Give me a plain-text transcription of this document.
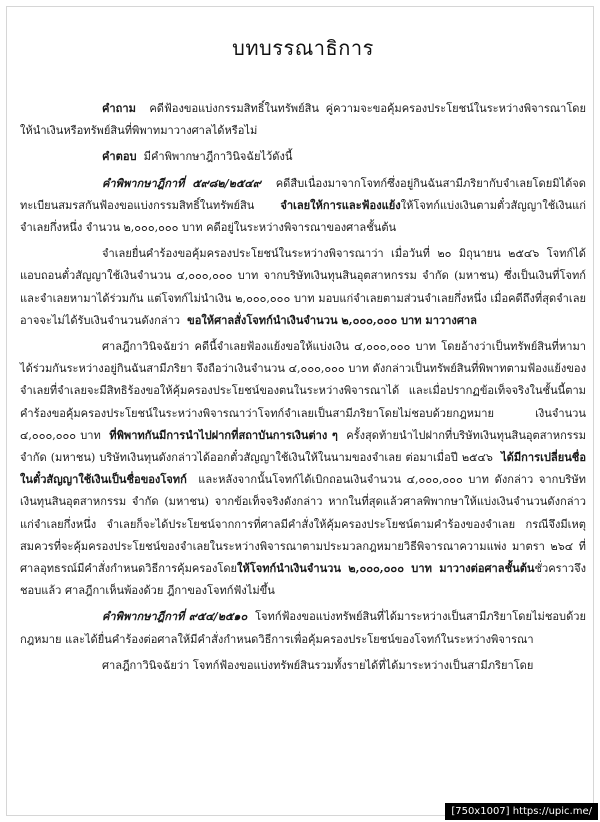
บทบรรณาธิการ

คำถาม คดีฟ้องขอแบ่งกรรมสิทธิ์ในทรัพย์สิน คู่ความจะขอคุ้มครองประโยชน์ในระหว่างพิจารณาโดยให้นำเงินหรือทรัพย์สินที่พิพาทมาวางศาลได้หรือไม่

คำตอบ มีคำพิพากษาฎีกาวินิจฉัยไว้ดังนี้

คำพิพากษาฎีกาที่ ๕๙๘๒/๒๕๔๙ คดีสืบเนื่องมาจากโจทก์ซึ่งอยู่กินฉันสามีภริยากับจำเลยโดยมิได้จดทะเบียนสมรสกันฟ้องขอแบ่งกรรมสิทธิ์ในทรัพย์สิน จำเลยให้การและฟ้องแย้งให้โจทก์แบ่งเงินตามตั๋วสัญญาใช้เงินแก่จำเลยกึ่งหนึ่ง จำนวน ๒,๐๐๐,๐๐๐ บาท คดีอยู่ในระหว่างพิจารณาของศาลชั้นต้น

จำเลยยื่นคำร้องขอคุ้มครองประโยชน์ในระหว่างพิจารณาว่า เมื่อวันที่ ๒๐ มิถุนายน ๒๕๔๖ โจทก์ได้แอบถอนตั๋วสัญญาใช้เงินจำนวน ๔,๐๐๐,๐๐๐ บาท จากบริษัทเงินทุนสินอุตสาหกรรม จำกัด (มหาชน) ซึ่งเป็นเงินที่โจทก์และจำเลยหามาได้ร่วมกัน แต่โจทก์ไม่นำเงิน ๒,๐๐๐,๐๐๐ บาท มอบแก่จำเลยตามส่วนจำเลยกึ่งหนึ่ง เมื่อคดีถึงที่สุดจำเลยอาจจะไม่ได้รับเงินจำนวนดังกล่าว ขอให้ศาลสั่งโจทก์นำเงินจำนวน ๒,๐๐๐,๐๐๐ บาท มาวางศาล

ศาลฎีกาวินิจฉัยว่า คดีนี้จำเลยฟ้องแย้งขอให้แบ่งเงิน ๔,๐๐๐,๐๐๐ บาท โดยอ้างว่าเป็นทรัพย์สินที่หามาได้ร่วมกันระหว่างอยู่กินฉันสามีภริยา จึงถือว่าเงินจำนวน ๔,๐๐๐,๐๐๐ บาท ดังกล่าวเป็นทรัพย์สินที่พิพาทตามฟ้องแย้งของจำเลยที่จำเลยจะมีสิทธิร้องขอให้คุ้มครองประโยชน์ของตนในระหว่างพิจารณาได้ และเมื่อปรากฏข้อเท็จจริงในชั้นนี้ตามคำร้องขอคุ้มครองประโยชน์ในระหว่างพิจารณาว่าโจทก์จำเลยเป็นสามีภริยาโดยไม่ชอบด้วยกฎหมาย เงินจำนวน ๔,๐๐๐,๐๐๐ บาท ที่พิพาทกันมีการนำไปฝากที่สถาบันการเงินต่าง ๆ ครั้งสุดท้ายนำไปฝากที่บริษัทเงินทุนสินอุตสาหกรรม จำกัด (มหาชน) บริษัทเงินทุนดังกล่าวได้ออกตั๋วสัญญาใช้เงินให้ในนามของจำเลย ต่อมาเมื่อปี ๒๕๔๖ ได้มีการเปลี่ยนชื่อในตั๋วสัญญาใช้เงินเป็นชื่อของโจทก์ และหลังจากนั้นโจทก์ได้เบิกถอนเงินจำนวน ๔,๐๐๐,๐๐๐ บาท ดังกล่าว จากบริษัทเงินทุนสินอุตสาหกรรม จำกัด (มหาชน) จากข้อเท็จจริงดังกล่าว หากในที่สุดแล้วศาลพิพากษาให้แบ่งเงินจำนวนดังกล่าวแก่จำเลยกึ่งหนึ่ง จำเลยก็จะได้ประโยชน์จากการที่ศาลมีคำสั่งให้คุ้มครองประโยชน์ตามคำร้องของจำเลย กรณีจึงมีเหตุสมควรที่จะคุ้มครองประโยชน์ของจำเลยในระหว่างพิจารณาตามประมวลกฎหมายวิธีพิจารณาความแพ่ง มาตรา ๒๖๔ ที่ศาลอุทธรณ์มีคำสั่งกำหนดวิธีการคุ้มครองโดยให้โจทก์นำเงินจำนวน ๒,๐๐๐,๐๐๐ บาท มาวางต่อศาลชั้นต้นชั่วคราวจึงชอบแล้ว ศาลฎีกาเห็นพ้องด้วย ฎีกาของโจทก์ฟังไม่ขึ้น

คำพิพากษาฎีกาที่ ๙๕๔/๒๕๑๐ โจทก์ฟ้องขอแบ่งทรัพย์สินที่ได้มาระหว่างเป็นสามีภริยาโดยไม่ชอบด้วยกฎหมาย และได้ยื่นคำร้องต่อศาลให้มีคำสั่งกำหนดวิธีการเพื่อคุ้มครองประโยชน์ของโจทก์ในระหว่างพิจารณา

ศาลฎีกาวินิจฉัยว่า โจทก์ฟ้องขอแบ่งทรัพย์สินรวมทั้งรายได้ที่ได้มาระหว่างเป็นสามีภริยาโดย

[750x1007] https://upic.me/
